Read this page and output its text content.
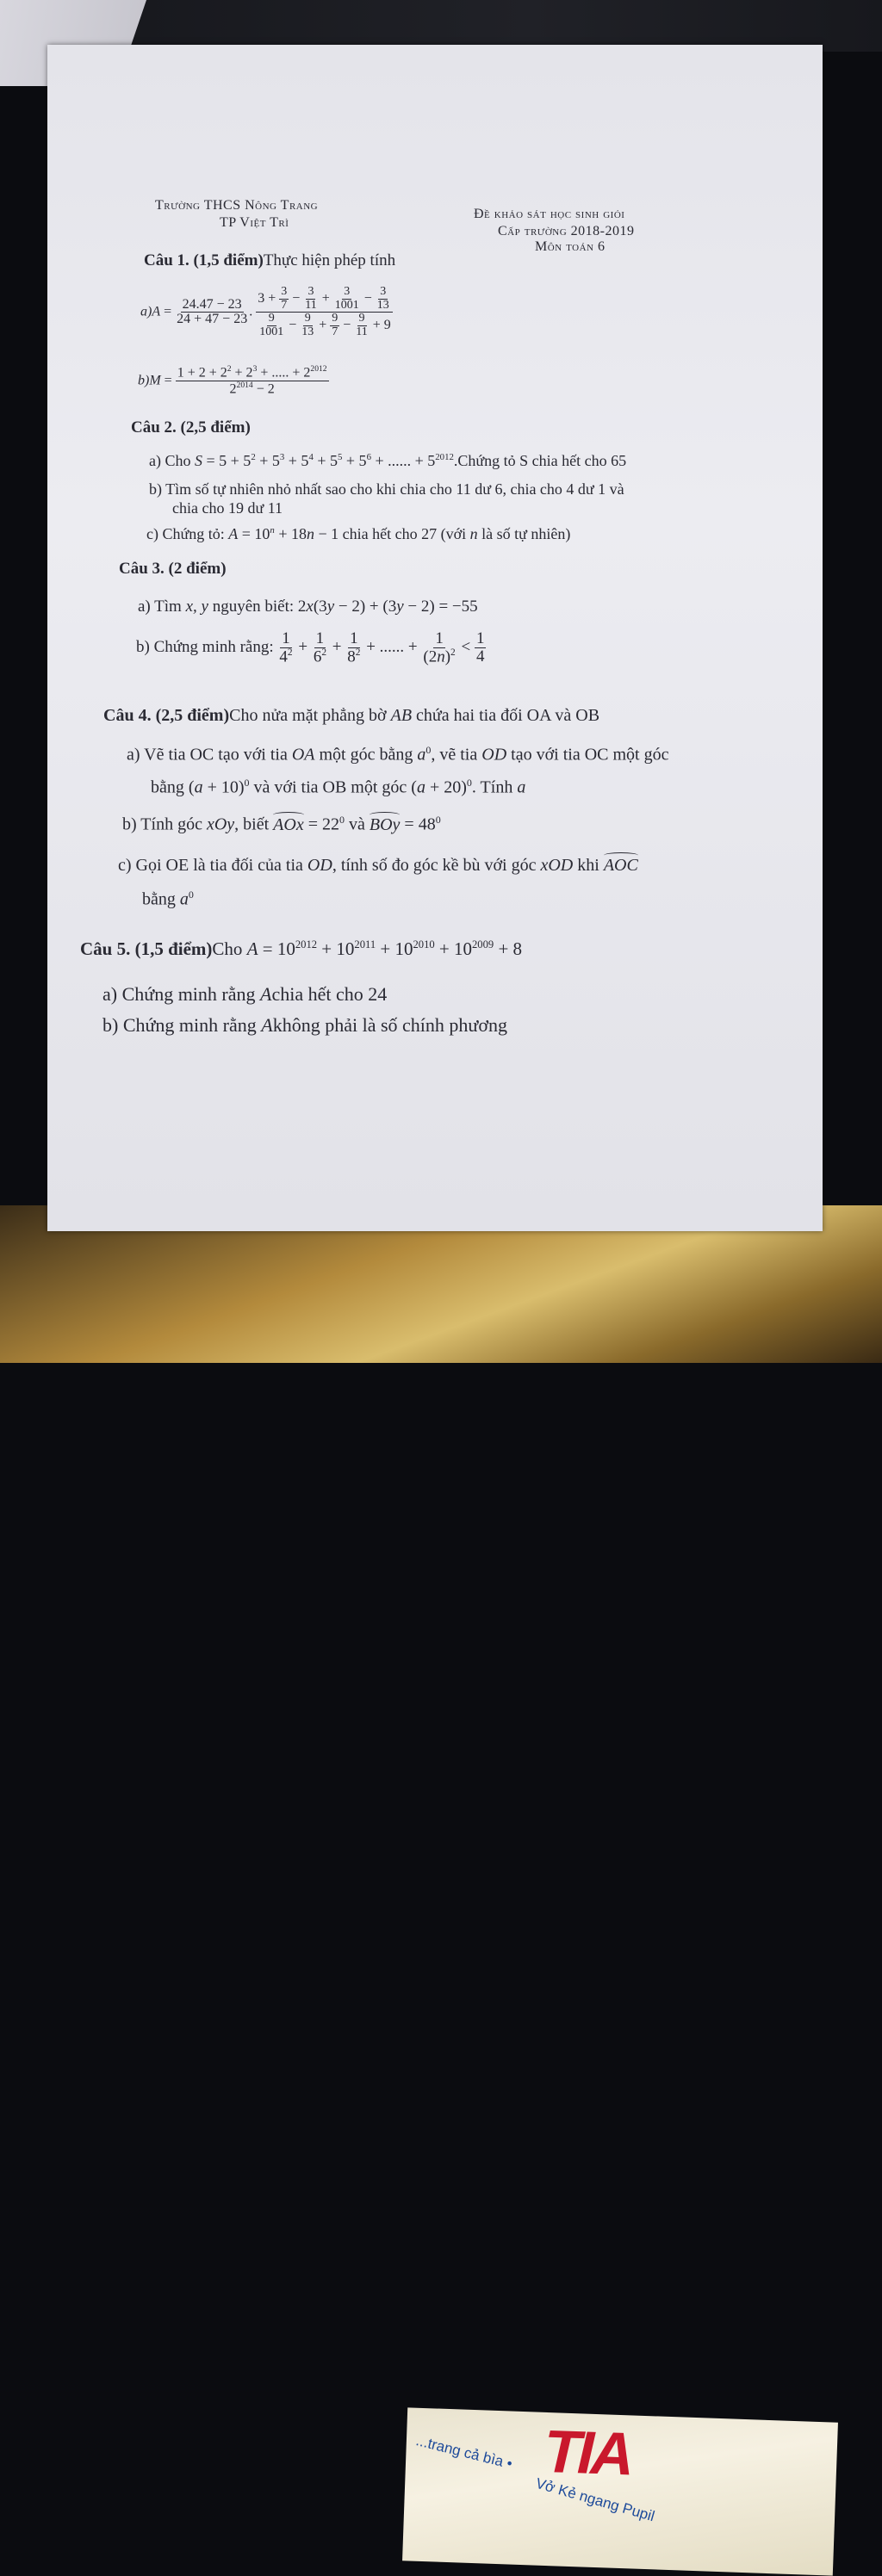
TIA
...trang cả bìa •
Vở Kẻ ngang Pupil
Trường THCS Nông Trang
TP Việt Trì
Đề khảo sát học sinh giỏi
Cấp trường 2018-2019
Môn toán 6
Câu 1. (1,5 điểm)Thực hiện phép tính
$a)A = \frac{24.47 - 23}{24 + 47 - 23}$ . $\frac{3 + \frac{3}{7} - \frac{3}{11} + \frac{3}{1001} - \frac{3}{13}}{\frac{9}{1001} - \frac{9}{13} + \frac{9}{7} - \frac{9}{11} + 9}$
$b)M = \frac{1 + 2 + 2^2 + 2^3 + ..... + 2^{2012}}{2^{2014} - 2}$
Câu 2. (2,5 điểm)
a) Cho $S = 5 + 5^2 + 5^3 + 5^4 + 5^5 + 5^6$ + ...... + $5^{2012}.Chứng$ tỏ S chia hết cho 65
b) Tìm số tự nhiên nhỏ nhất sao cho khi chia cho 11 dư 6, chia cho 4 dư 1 và
chia cho 19 dư 11
c) Chứng tỏ: $A = 10^n + 18n - 1$ chia hết cho 27 (với n là số tự nhiên)
Câu 3. (2 điểm)
a) Tìm x, y nguyên biết: 2x(3y − 2) + (3y − 2) = −55
b) Chứng minh rằng: $\frac{1}{4^2} + \frac{1}{6^2} + \frac{1}{8^2}$ + ...... + $\frac{1}{(2n)^2} < \frac{1}{4}$
Câu 4. (2,5 điểm)Cho nửa mặt phẳng bờ AB chứa hai tia đối OA và OB
a) Vẽ tia OC tạo với tia OA một góc bằng $a^0$, vẽ tia OD tạo với tia OC một góc
bằng $(a + 10)^0$ và với tia OB một góc $(a + 20)^0$. Tính a
b) Tính góc xOy, biết AOx = $22^0$ và BOy = $48^0$
c) Gọi OE là tia đối của tia OD, tính số đo góc kề bù với góc xOD khi AOC
bằng $a^0$
Câu 5. (1,5 điểm)Cho $A = 10^{2012} + 10^{2011} + 10^{2010} + 10^{2009} + 8$
a) Chứng minh rằng Achia hết cho 24
b) Chứng minh rằng Akhông phải là số chính phương
